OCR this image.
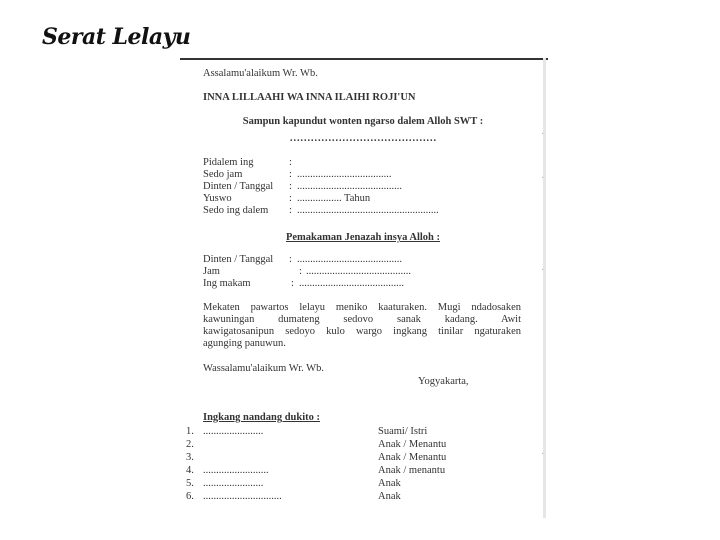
Serat Lelayu
Assalamu'alaikum Wr. Wb.
INNA LILLAAHI WA INNA ILAIHI ROJI'UN
Sampun kapundut wonten ngarso dalem Alloh SWT :
……………………………………
Pidalem ing	:
Sedo jam	: ....................................
Dinten / Tanggal : ........................................
Yuswo	: ................. Tahun
Sedo ing dalem : ......................................................
Pemakaman Jenazah insya Alloh :
Dinten / Tanggal : ........................................
Jam	: ........................................
Ing makam	: ........................................
Mekaten pawartos lelayu meniko kaaturaken. Mugi ndadosaken
kawuningan dumateng sedovo sanak kadang. Awit
kawigatosanipun sedoyo kulo wargo ingkang tinilar ngaturaken
agunging panuwun.
Wassalamu'alaikum Wr. Wb.
Yogyakarta,
Ingkang nandang dukito :
1. .......................	Suami/ Istri
2.	Anak / Menantu
3.	Anak / Menantu
4. .........................	Anak / menantu
5. .......................	Anak
6. ..............................	Anak
·
·
·
·
